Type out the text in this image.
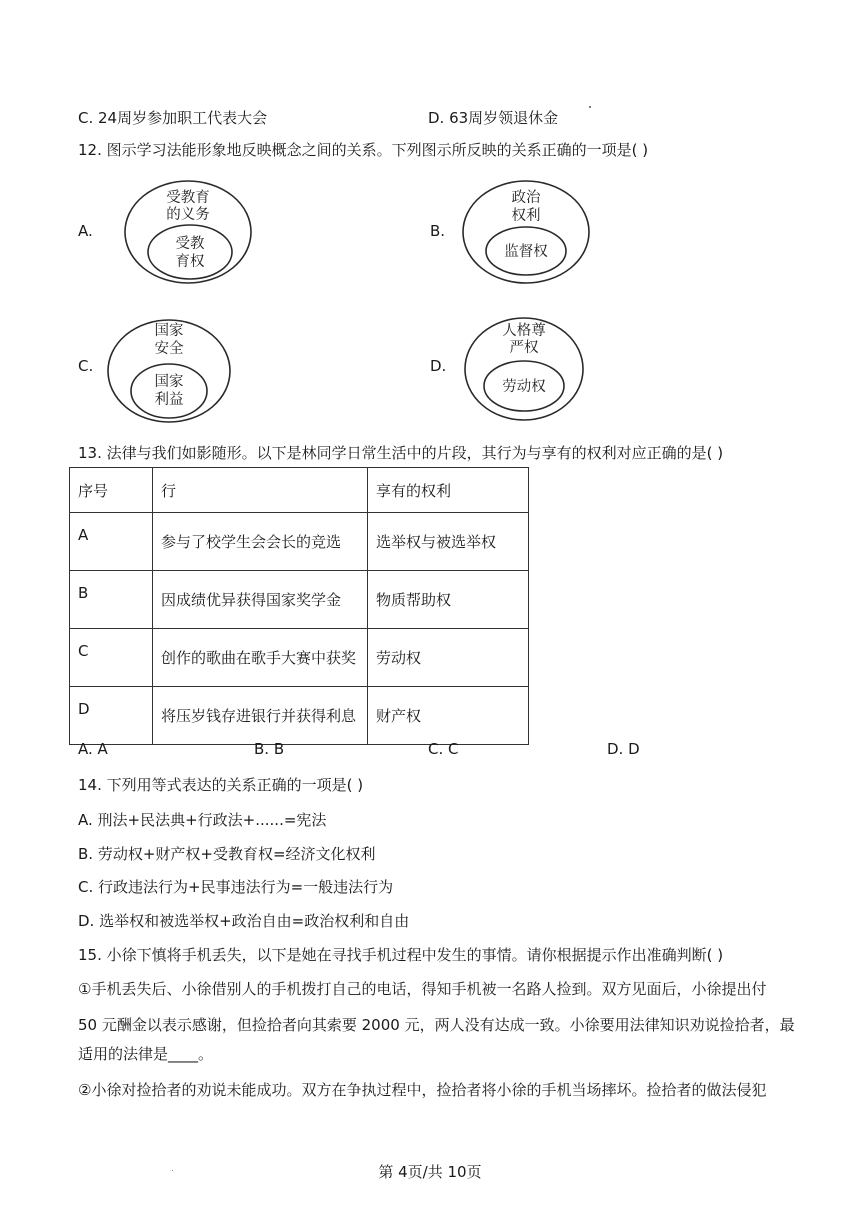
C. 24周岁参加职工代表大会	D. 63周岁领退休金
12. 图示学习法能形象地反映概念之间的关系。下列图示所反映的关系正确的一项是( )
A.
受教育
的义务
受教
育权
B.
政治
权利
监督权
C.
国家
安全
国家
利益
D.
人格尊
严权
劳动权
13. 法律与我们如影随形。以下是林同学日常生活中的片段，其行为与享有的权利对应正确的是( )
序号	行	享有的权利
A	参与了校学生会会长的竞选	选举权与被选举权
B	因成绩优异获得国家奖学金	物质帮助权
C	创作的歌曲在歌手大赛中获奖	劳动权
D	将压岁钱存进银行并获得利息	财产权
A. A	B. B	C. C	D. D
14. 下列用等式表达的关系正确的一项是( )
A. 刑法+民法典+行政法+......=宪法
B. 劳动权+财产权+受教育权=经济文化权利
C. 行政违法行为+民事违法行为=一般违法行为
D. 选举权和被选举权+政治自由=政治权利和自由
15. 小徐下慎将手机丢失，以下是她在寻找手机过程中发生的事情。请你根据提示作出准确判断( )
①手机丢失后、小徐借别人的手机拨打自己的电话，得知手机被一名路人捡到。双方见面后，小徐提出付
50 元酬金以表示感谢，但捡拾者向其索要 2000 元，两人没有达成一致。小徐要用法律知识劝说捡拾者，最
适用的法律是____。
②小徐对捡拾者的劝说未能成功。双方在争执过程中，捡拾者将小徐的手机当场摔坏。捡拾者的做法侵犯
第 4页/共 10页
